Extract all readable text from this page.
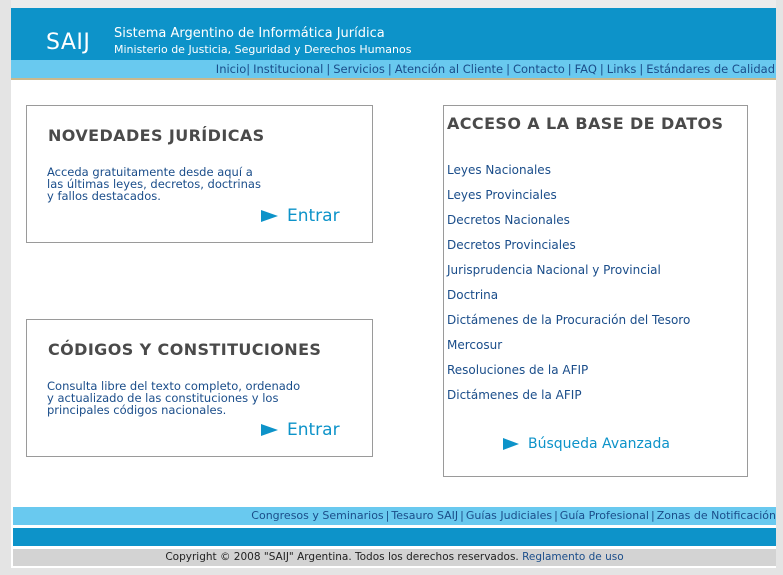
SAIJ Sistema Argentino de Informática Jurídica
Ministerio de Justicia, Seguridad y Derechos Humanos
Inicio| Institucional | Servicios | Atención al Cliente | Contacto | FAQ | Links | Estándares de Calidad
NOVEDADES JURÍDICAS
Acceda gratuitamente desde aquí a
las últimas leyes, decretos, doctrinas
y fallos destacados.
Entrar
CÓDIGOS Y CONSTITUCIONES
Consulta libre del texto completo, ordenado
y actualizado de las constituciones y los
principales códigos nacionales.
Entrar
ACCESO A LA BASE DE DATOS
Leyes Nacionales
Leyes Provinciales
Decretos Nacionales
Decretos Provinciales
Jurisprudencia Nacional y Provincial
Doctrina
Dictámenes de la Procuración del Tesoro
Mercosur
Resoluciones de la AFIP
Dictámenes de la AFIP
Búsqueda Avanzada
Congresos y Seminarios | Tesauro SAIJ | Guías Judiciales | Guía Profesional | Zonas de Notificación
Copyright © 2008 "SAIJ" Argentina. Todos los derechos reservados. Reglamento de uso
